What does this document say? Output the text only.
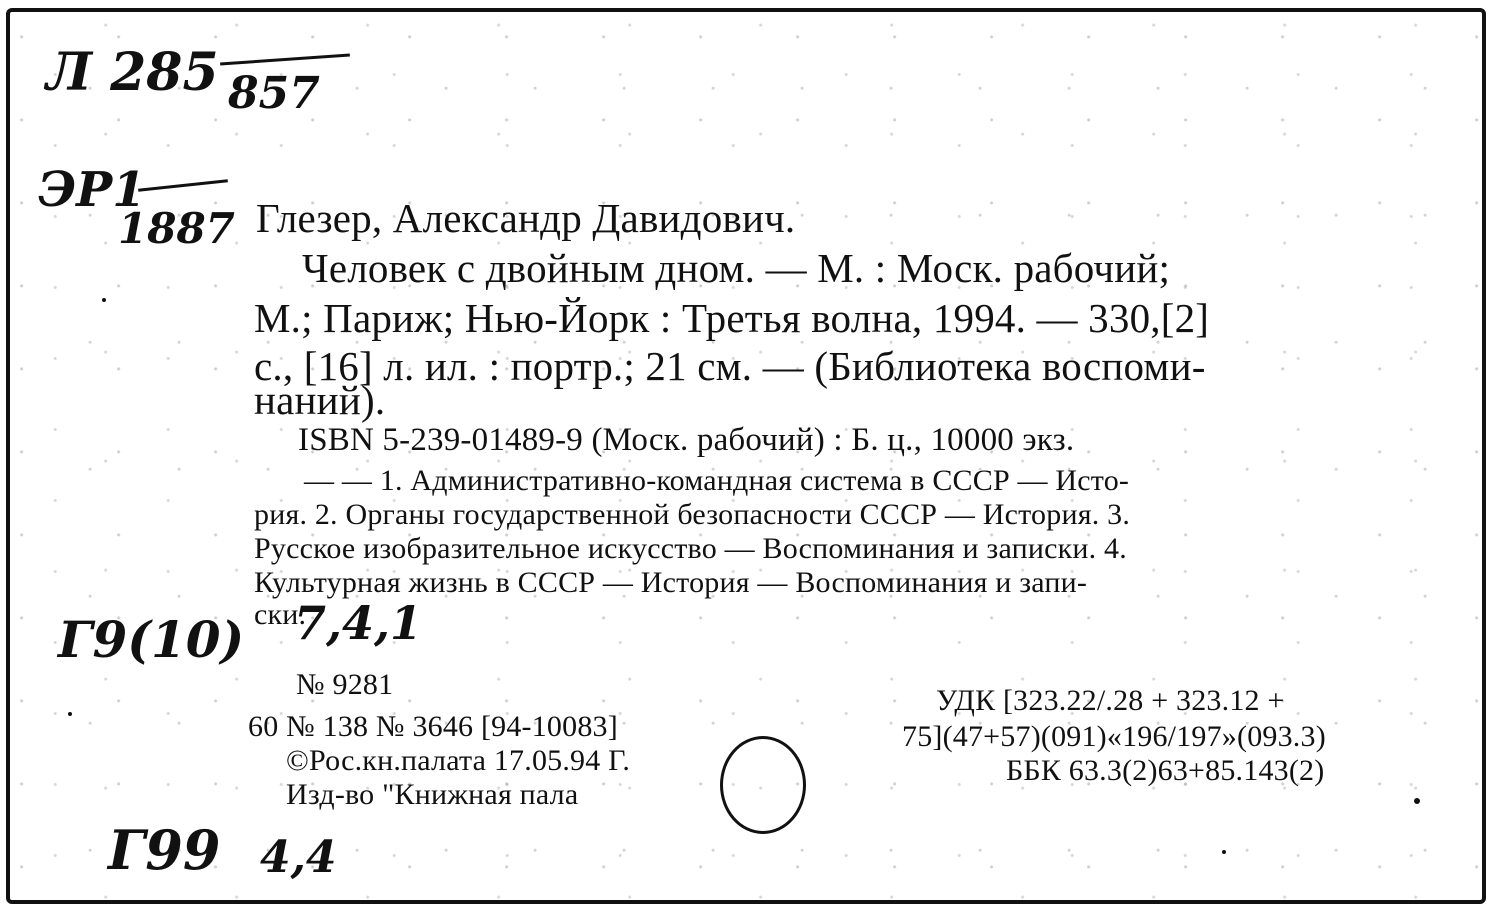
Л 285 857
ЭР1
1887
Г9(10) 7,4,1
Г99 4,4
Глезер, Александр Давидович.
Человек с двойным дном. — М. : Моск. рабочий;
М.; Париж; Нью-Йорк : Третья волна, 1994. — 330,[2]
с., [16] л. ил. : портр.; 21 см. — (Библиотека воспоми-
наний).
ISBN 5-239-01489-9 (Моск. рабочий) : Б. ц., 10000 экз.
— — 1. Административно-командная система в СССР — Исто-
рия. 2. Органы государственной безопасности СССР — История. 3.
Русское изобразительное искусство — Воспоминания и записки. 4.
Культурная жизнь в СССР — История — Воспоминания и запи-
ски.
№ 9281
60 № 138 № 3646 [94-10083]
©Рос.кн.палата 17.05.94 Г.
Изд-во "Книжная пала
УДК [323.22/.28 + 323.12 +
75](47+57)(091)«196/197»(093.3)
ББК 63.3(2)63+85.143(2)
